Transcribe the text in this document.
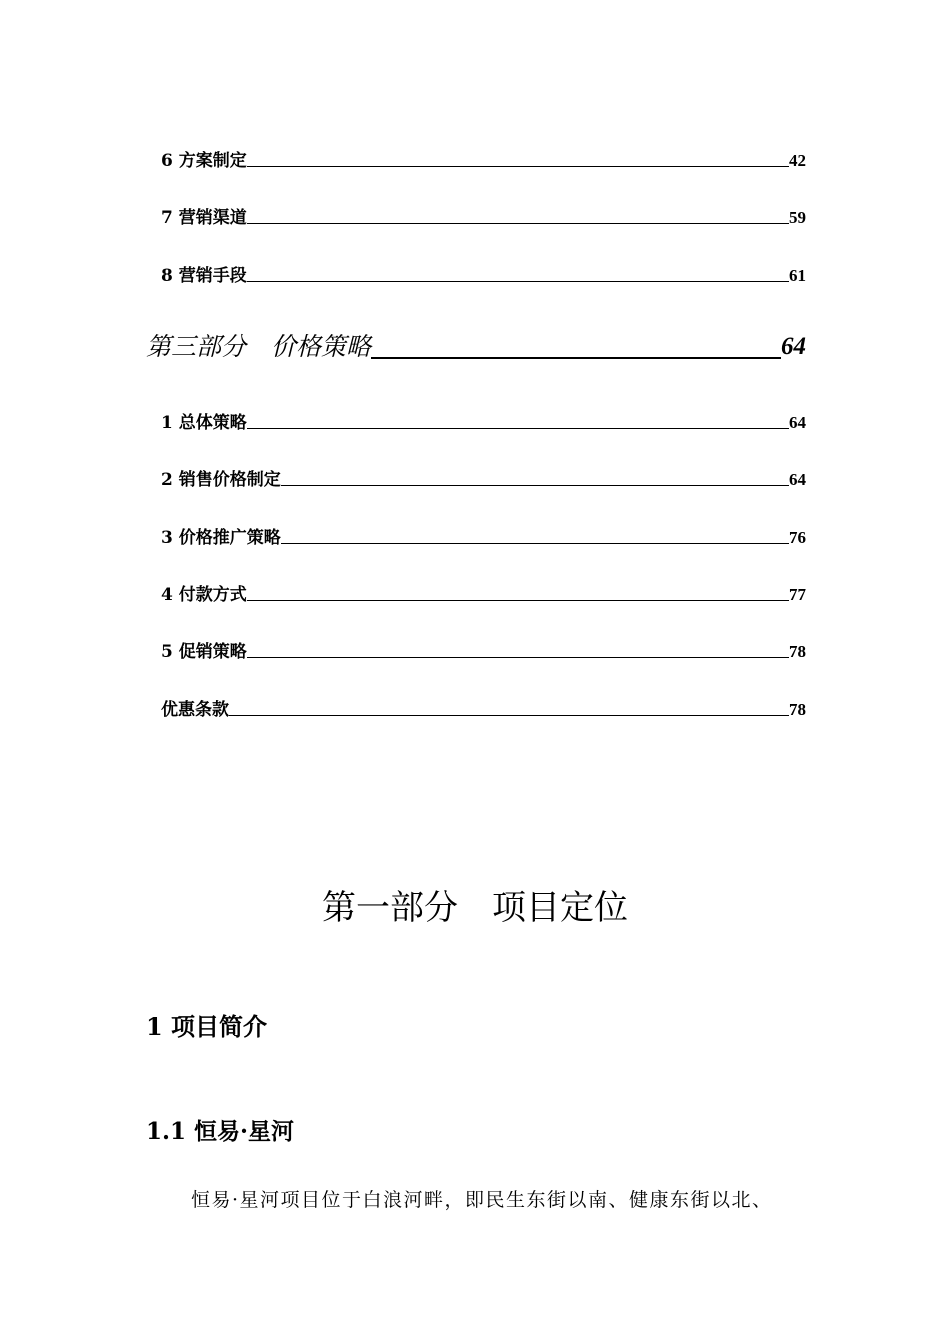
6 方案制定	42
7 营销渠道	59
8 营销手段	61
第三部分　价格策略	64
1 总体策略	64
2 销售价格制定	64
3 价格推广策略	76
4 付款方式	77
5 促销策略	78
优惠条款	78
第一部分　项目定位
1 项目简介
1.1 恒易·星河
恒易·星河项目位于白浪河畔，即民生东街以南、健康东街以北、
